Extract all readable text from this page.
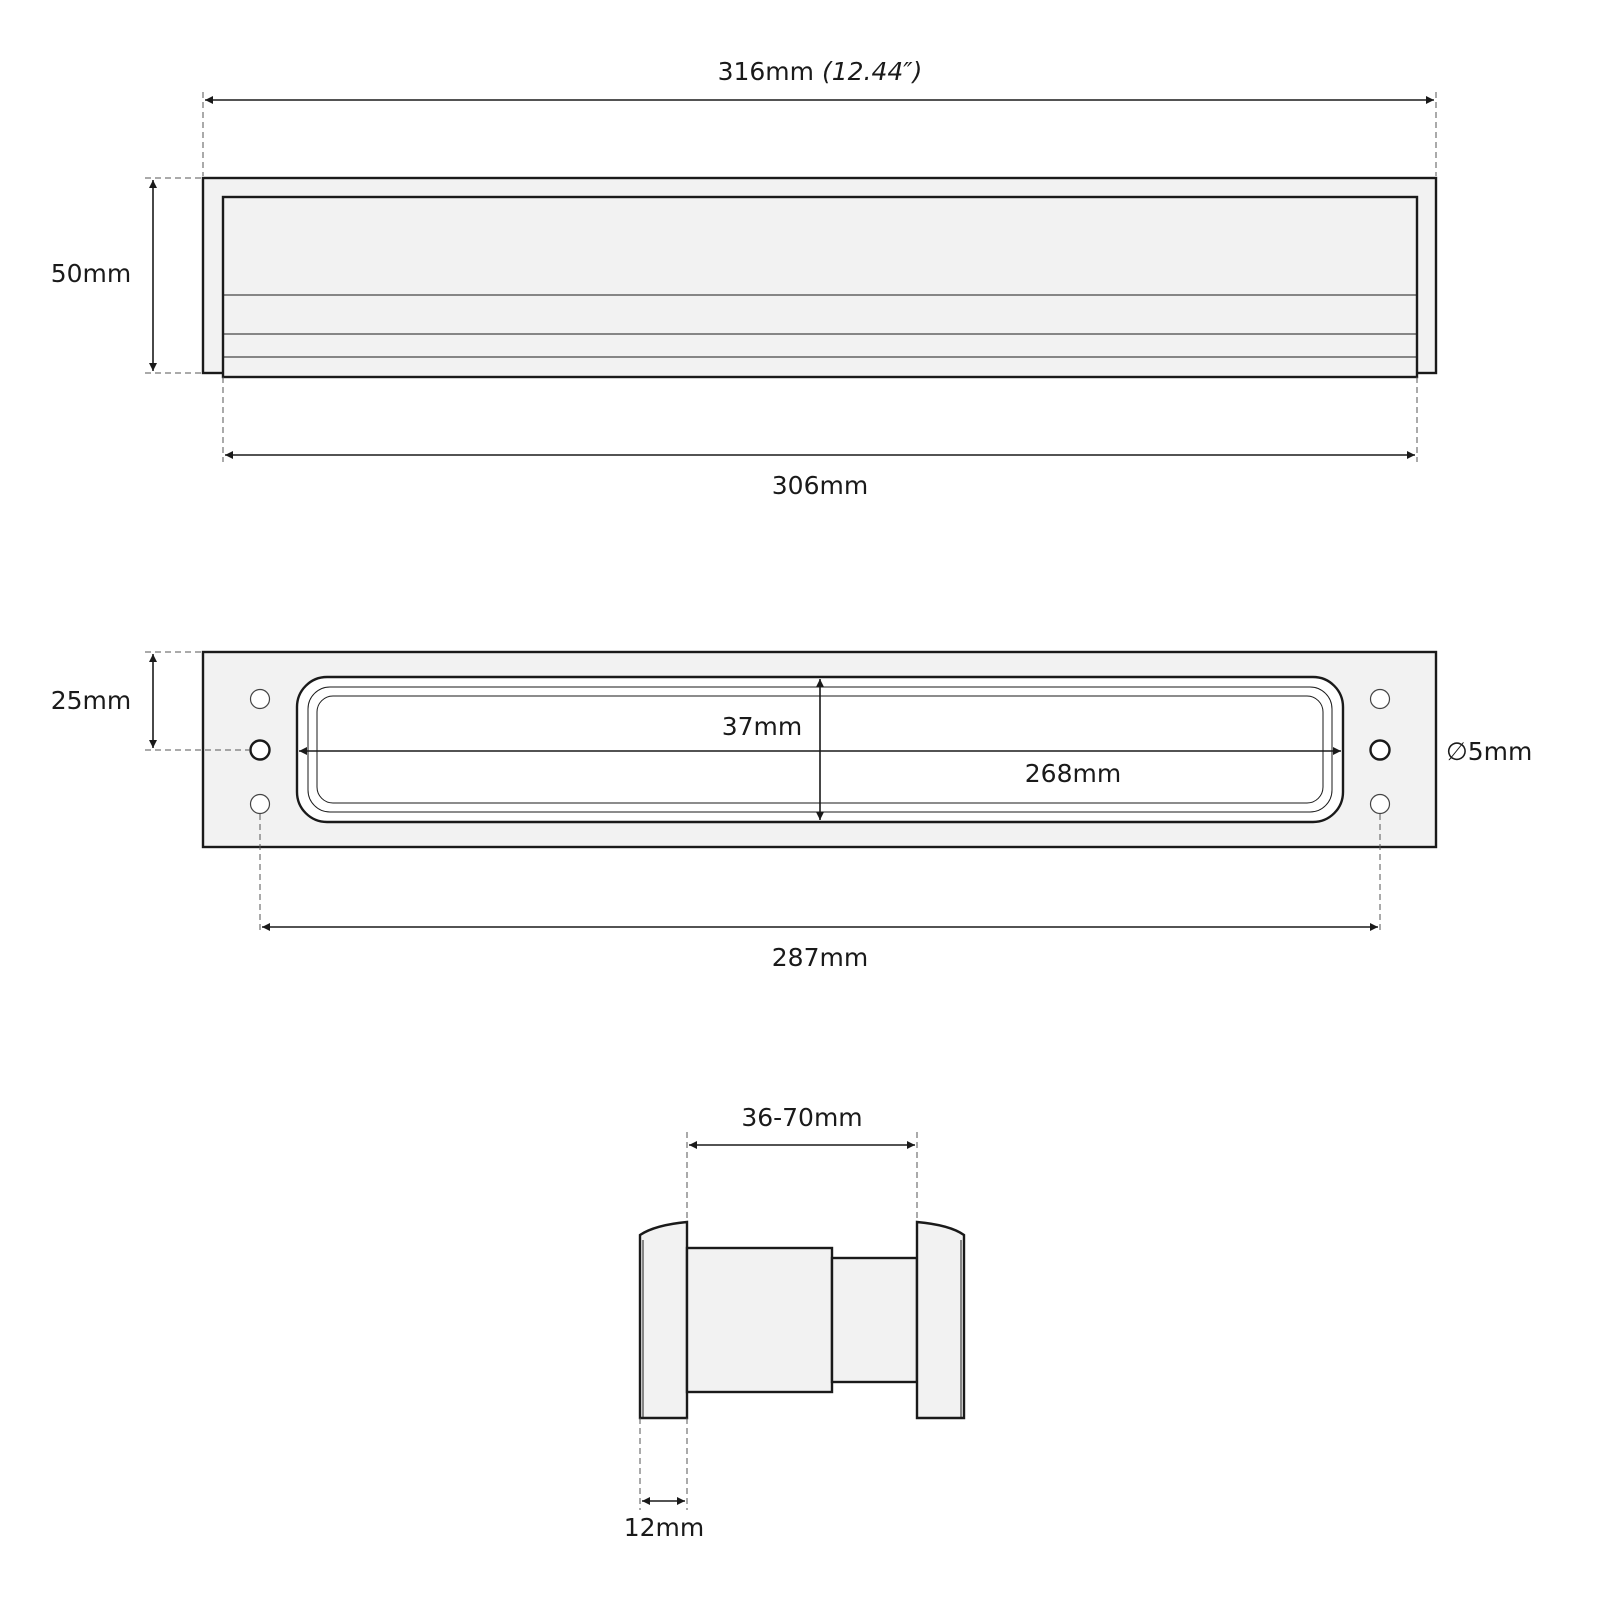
316mm (12.44″)
50mm
306mm
25mm
268mm
37mm
∅5mm
287mm
36-70mm
12mm
